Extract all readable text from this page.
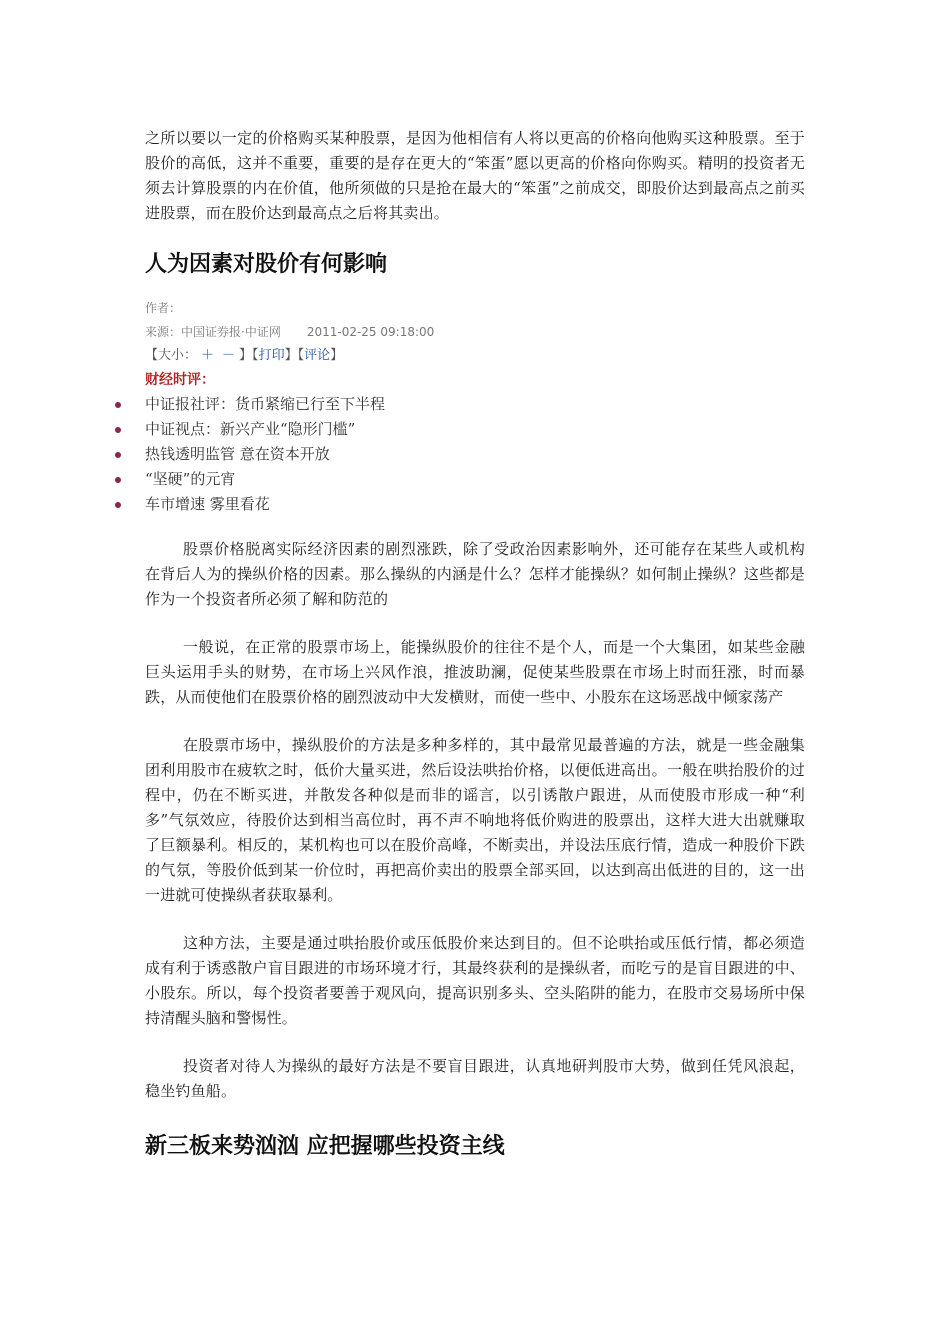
之所以要以一定的价格购买某种股票，是因为他相信有人将以更高的价格向他购买这种股票。至于股价的高低，这并不重要，重要的是存在更大的“笨蛋”愿以更高的价格向你购买。精明的投资者无须去计算股票的内在价值，他所须做的只是抢在最大的“笨蛋”之前成交，即股价达到最高点之前买进股票，而在股价达到最高点之后将其卖出。

人为因素对股价有何影响

作者：

来源：中国证券报·中证网 2011-02-25 09:18:00

【大小： ＋ － 】【打印】【评论】

财经时评：

中证报社评：货币紧缩已行至下半程
中证视点：新兴产业“隐形门槛”
热钱透明监管 意在资本开放
“坚硬”的元宵
车市增速 雾里看花

股票价格脱离实际经济因素的剧烈涨跌，除了受政治因素影响外，还可能存在某些人或机构在背后人为的操纵价格的因素。那么操纵的内涵是什么？怎样才能操纵？如何制止操纵？这些都是作为一个投资者所必须了解和防范的

一般说，在正常的股票市场上，能操纵股价的往往不是个人，而是一个大集团，如某些金融巨头运用手头的财势，在市场上兴风作浪，推波助澜，促使某些股票在市场上时而狂涨，时而暴跌，从而使他们在股票价格的剧烈波动中大发横财，而使一些中、小股东在这场恶战中倾家荡产

在股票市场中，操纵股价的方法是多种多样的，其中最常见最普遍的方法，就是一些金融集团利用股市在疲软之时，低价大量买进，然后设法哄抬价格，以便低进高出。一般在哄抬股价的过程中，仍在不断买进，并散发各种似是而非的谣言，以引诱散户跟进，从而使股市形成一种“利多”气氛效应，待股价达到相当高位时，再不声不响地将低价购进的股票出，这样大进大出就赚取了巨额暴利。相反的，某机构也可以在股价高峰，不断卖出，并设法压底行情，造成一种股价下跌的气氛，等股价低到某一价位时，再把高价卖出的股票全部买回，以达到高出低进的目的，这一出一进就可使操纵者获取暴利。

这种方法，主要是通过哄抬股价或压低股价来达到目的。但不论哄抬或压低行情，都必须造成有利于诱惑散户盲目跟进的市场环境才行，其最终获利的是操纵者，而吃亏的是盲目跟进的中、小股东。所以，每个投资者要善于观风向，提高识别多头、空头陷阱的能力，在股市交易场所中保持清醒头脑和警惕性。

投资者对待人为操纵的最好方法是不要盲目跟进，认真地研判股市大势，做到任凭风浪起，稳坐钓鱼船。

新三板来势汹汹 应把握哪些投资主线
